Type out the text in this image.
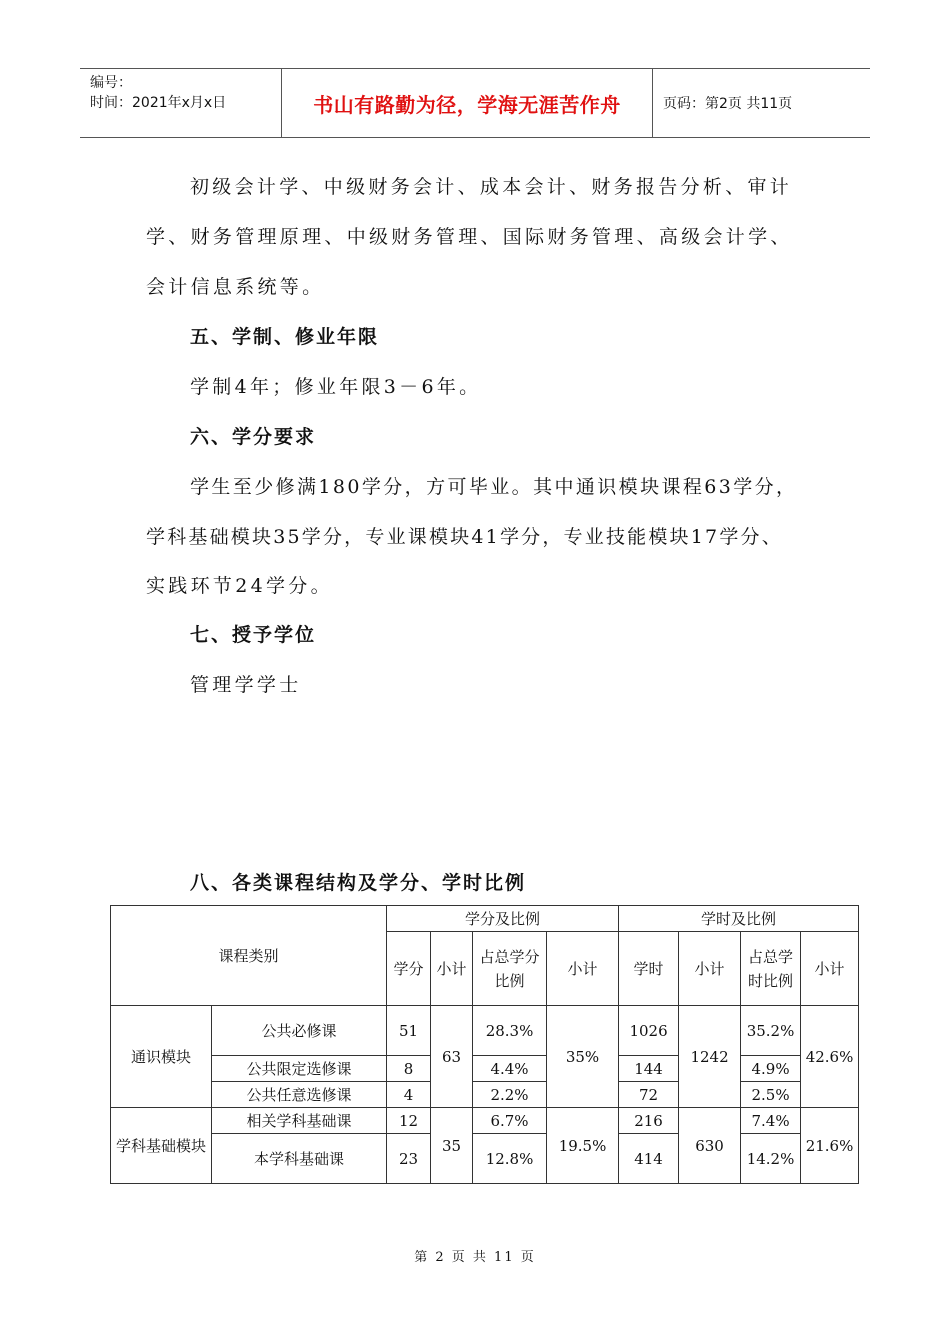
编号：
时间：2021年x月x日	书山有路勤为径，学海无涯苦作舟	页码：第2页 共11页
初级会计学、中级财务会计、成本会计、财务报告分析、审计
学、财务管理原理、中级财务管理、国际财务管理、高级会计学、
会计信息系统等。
五、学制、修业年限
学制4年；修业年限3－6年。
六、学分要求
学生至少修满180学分，方可毕业。其中通识模块课程63学分，
学科基础模块35学分，专业课模块41学分，专业技能模块17学分、
实践环节24学分。
七、授予学位
管理学学士
八、各类课程结构及学分、学时比例
课程类别		学分及比例				学时及比例			
		学分	小计	占总学分比例	小计	学时	小计	占总学时比例	小计
通识模块	公共必修课	51	63	28.3%	35%	1026	1242	35.2%	42.6%
	公共限定选修课	8		4.4%		144		4.9%	
	公共任意选修课	4		2.2%		72		2.5%	
学科基础模块	相关学科基础课	12	35	6.7%	19.5%	216	630	7.4%	21.6%
	本学科基础课	23		12.8%		414		14.2%	
第 2 页 共 11 页
